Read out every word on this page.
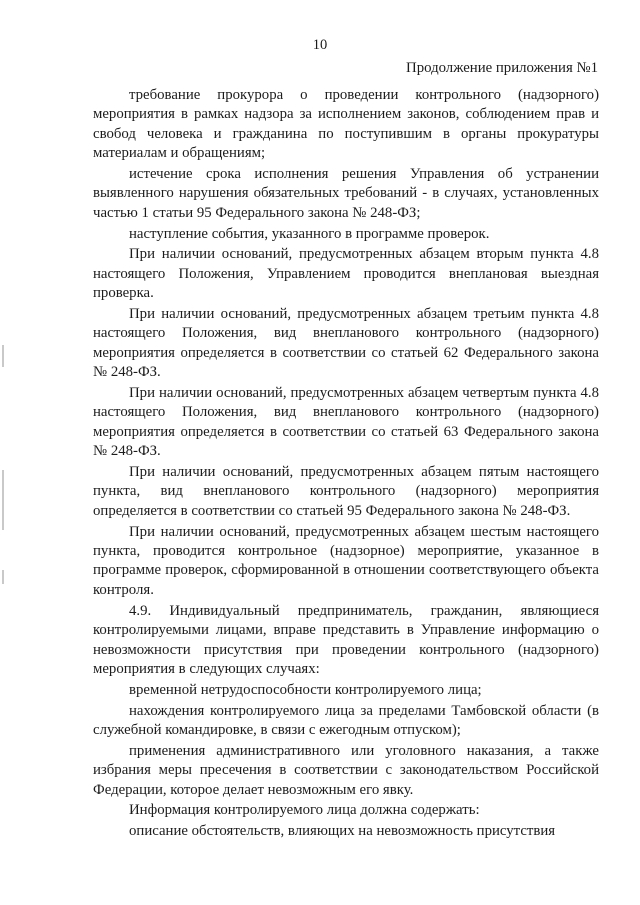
10
Продолжение приложения №1

требование прокурора о проведении контрольного (надзорного) мероприятия в рамках надзора за исполнением законов, соблюдением прав и свобод человека и гражданина по поступившим в органы прокуратуры материалам и обращениям;

истечение срока исполнения решения Управления об устранении выявленного нарушения обязательных требований - в случаях, установленных частью 1 статьи 95 Федерального закона № 248-ФЗ;

наступление события, указанного в программе проверок.

При наличии оснований, предусмотренных абзацем вторым пункта 4.8 настоящего Положения, Управлением проводится внеплановая выездная проверка.

При наличии оснований, предусмотренных абзацем третьим пункта 4.8 настоящего Положения, вид внепланового контрольного (надзорного) мероприятия определяется в соответствии со статьей 62 Федерального закона № 248-ФЗ.

При наличии оснований, предусмотренных абзацем четвертым пункта 4.8 настоящего Положения, вид внепланового контрольного (надзорного) мероприятия определяется в соответствии со статьей 63 Федерального закона № 248-ФЗ.

При наличии оснований, предусмотренных абзацем пятым настоящего пункта, вид внепланового контрольного (надзорного) мероприятия определяется в соответствии со статьей 95 Федерального закона № 248-ФЗ.

При наличии оснований, предусмотренных абзацем шестым настоящего пункта, проводится контрольное (надзорное) мероприятие, указанное в программе проверок, сформированной в отношении соответствующего объекта контроля.

4.9. Индивидуальный предприниматель, гражданин, являющиеся контролируемыми лицами, вправе представить в Управление информацию о невозможности присутствия при проведении контрольного (надзорного) мероприятия в следующих случаях:

временной нетрудоспособности контролируемого лица;

нахождения контролируемого лица за пределами Тамбовской области (в служебной командировке, в связи с ежегодным отпуском);

применения административного или уголовного наказания, а также избрания меры пресечения в соответствии с законодательством Российской Федерации, которое делает невозможным его явку.

Информация контролируемого лица должна содержать:

описание обстоятельств, влияющих на невозможность присутствия
